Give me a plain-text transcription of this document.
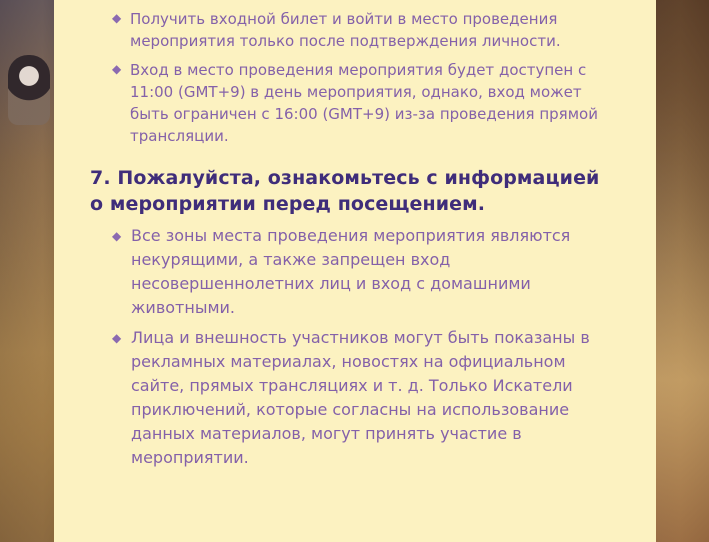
◆ Получить входной билет и войти в место проведения мероприятия только после подтверждения личности.
◆ Вход в место проведения мероприятия будет доступен с 11:00 (GMT+9) в день мероприятия, однако, вход может быть ограничен с 16:00 (GMT+9) из-за проведения прямой трансляции.
7. Пожалуйста, ознакомьтесь с информацией о мероприятии перед посещением.
◆ Все зоны места проведения мероприятия являются некурящими, а также запрещен вход несовершеннолетних лиц и вход с домашними животными.
◆ Лица и внешность участников могут быть показаны в рекламных материалах, новостях на официальном сайте, прямых трансляциях и т. д. Только Искатели приключений, которые согласны на использование данных материалов, могут принять участие в мероприятии.
